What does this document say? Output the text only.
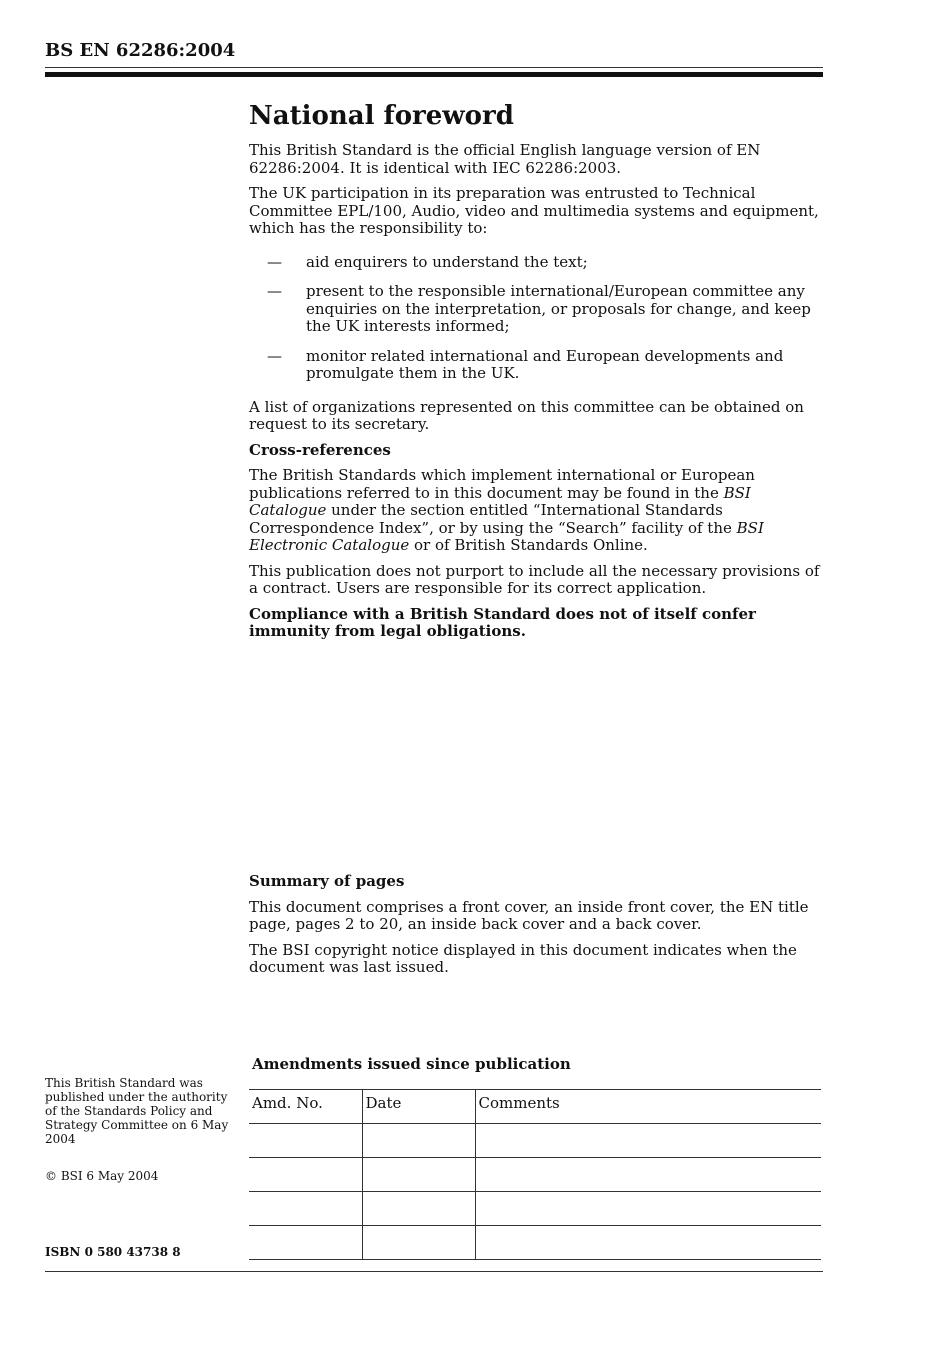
BS EN 62286:2004
National foreword

This British Standard is the official English language version of EN 62286:2004. It is identical with IEC 62286:2003.

The UK participation in its preparation was entrusted to Technical Committee EPL/100, Audio, video and multimedia systems and equipment, which has the responsibility to:

—	aid enquirers to understand the text;
—	present to the responsible international/European committee any enquiries on the interpretation, or proposals for change, and keep the UK interests informed;
—	monitor related international and European developments and promulgate them in the UK.

A list of organizations represented on this committee can be obtained on request to its secretary.

Cross-references

The British Standards which implement international or European publications referred to in this document may be found in the BSI Catalogue under the section entitled “International Standards Correspondence Index”, or by using the “Search” facility of the BSI Electronic Catalogue or of British Standards Online.

This publication does not purport to include all the necessary provisions of a contract. Users are responsible for its correct application.

Compliance with a British Standard does not of itself confer immunity from legal obligations.

Summary of pages

This document comprises a front cover, an inside front cover, the EN title page, pages 2 to 20, an inside back cover and a back cover.

The BSI copyright notice displayed in this document indicates when the document was last issued.

Amendments issued since publication
Amd. No.	Date	Comments

This British Standard was published under the authority of the Standards Policy and Strategy Committee on 6 May 2004
© BSI 6 May 2004
ISBN 0 580 43738 8
